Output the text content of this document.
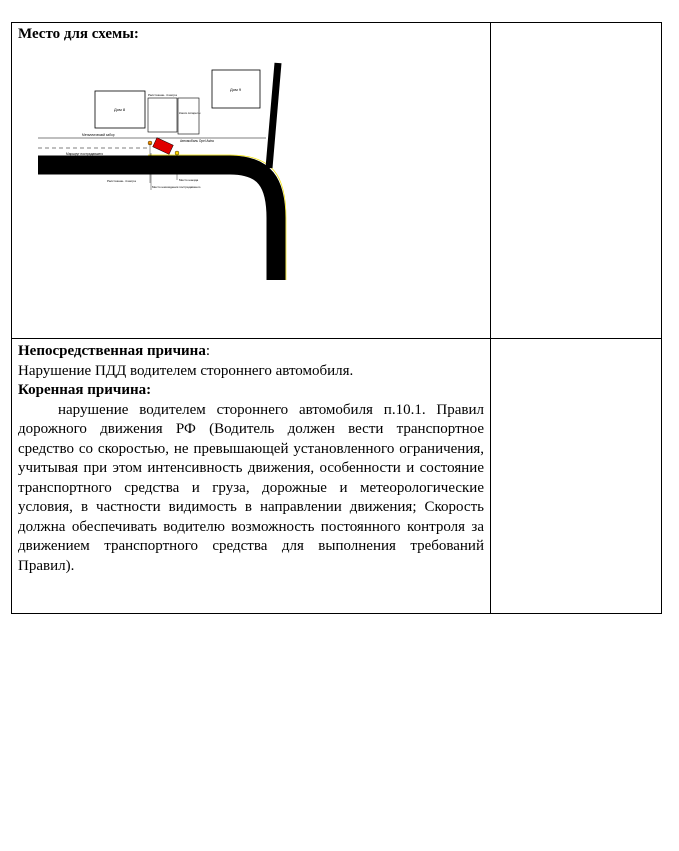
Место для схемы:
Дом 8
Дом 9
Расстояние- 4 метра
Киоск сигареты
Металлический забор
Маршрут пострадавшего
Автомобиль Opel Astra
Расстояние- 4 метра
Место нахождения пострадавшего
Место наезда

Непосредственная причина:

Нарушение ПДД водителем стороннего автомобиля.

Коренная причина:

нарушение водителем стороннего автомобиля п.10.1. Правил дорожного движения РФ (Водитель должен вести транспортное средство со скоростью, не превышающей установленного ограничения, учитывая при этом интенсивность движения, особенности и состояние транспортного средства и груза, дорожные и метеорологические условия, в частности видимость в направлении движения; Скорость должна обеспечивать водителю возможность постоянного контроля за движением транспортного средства для выполнения требований Правил).
